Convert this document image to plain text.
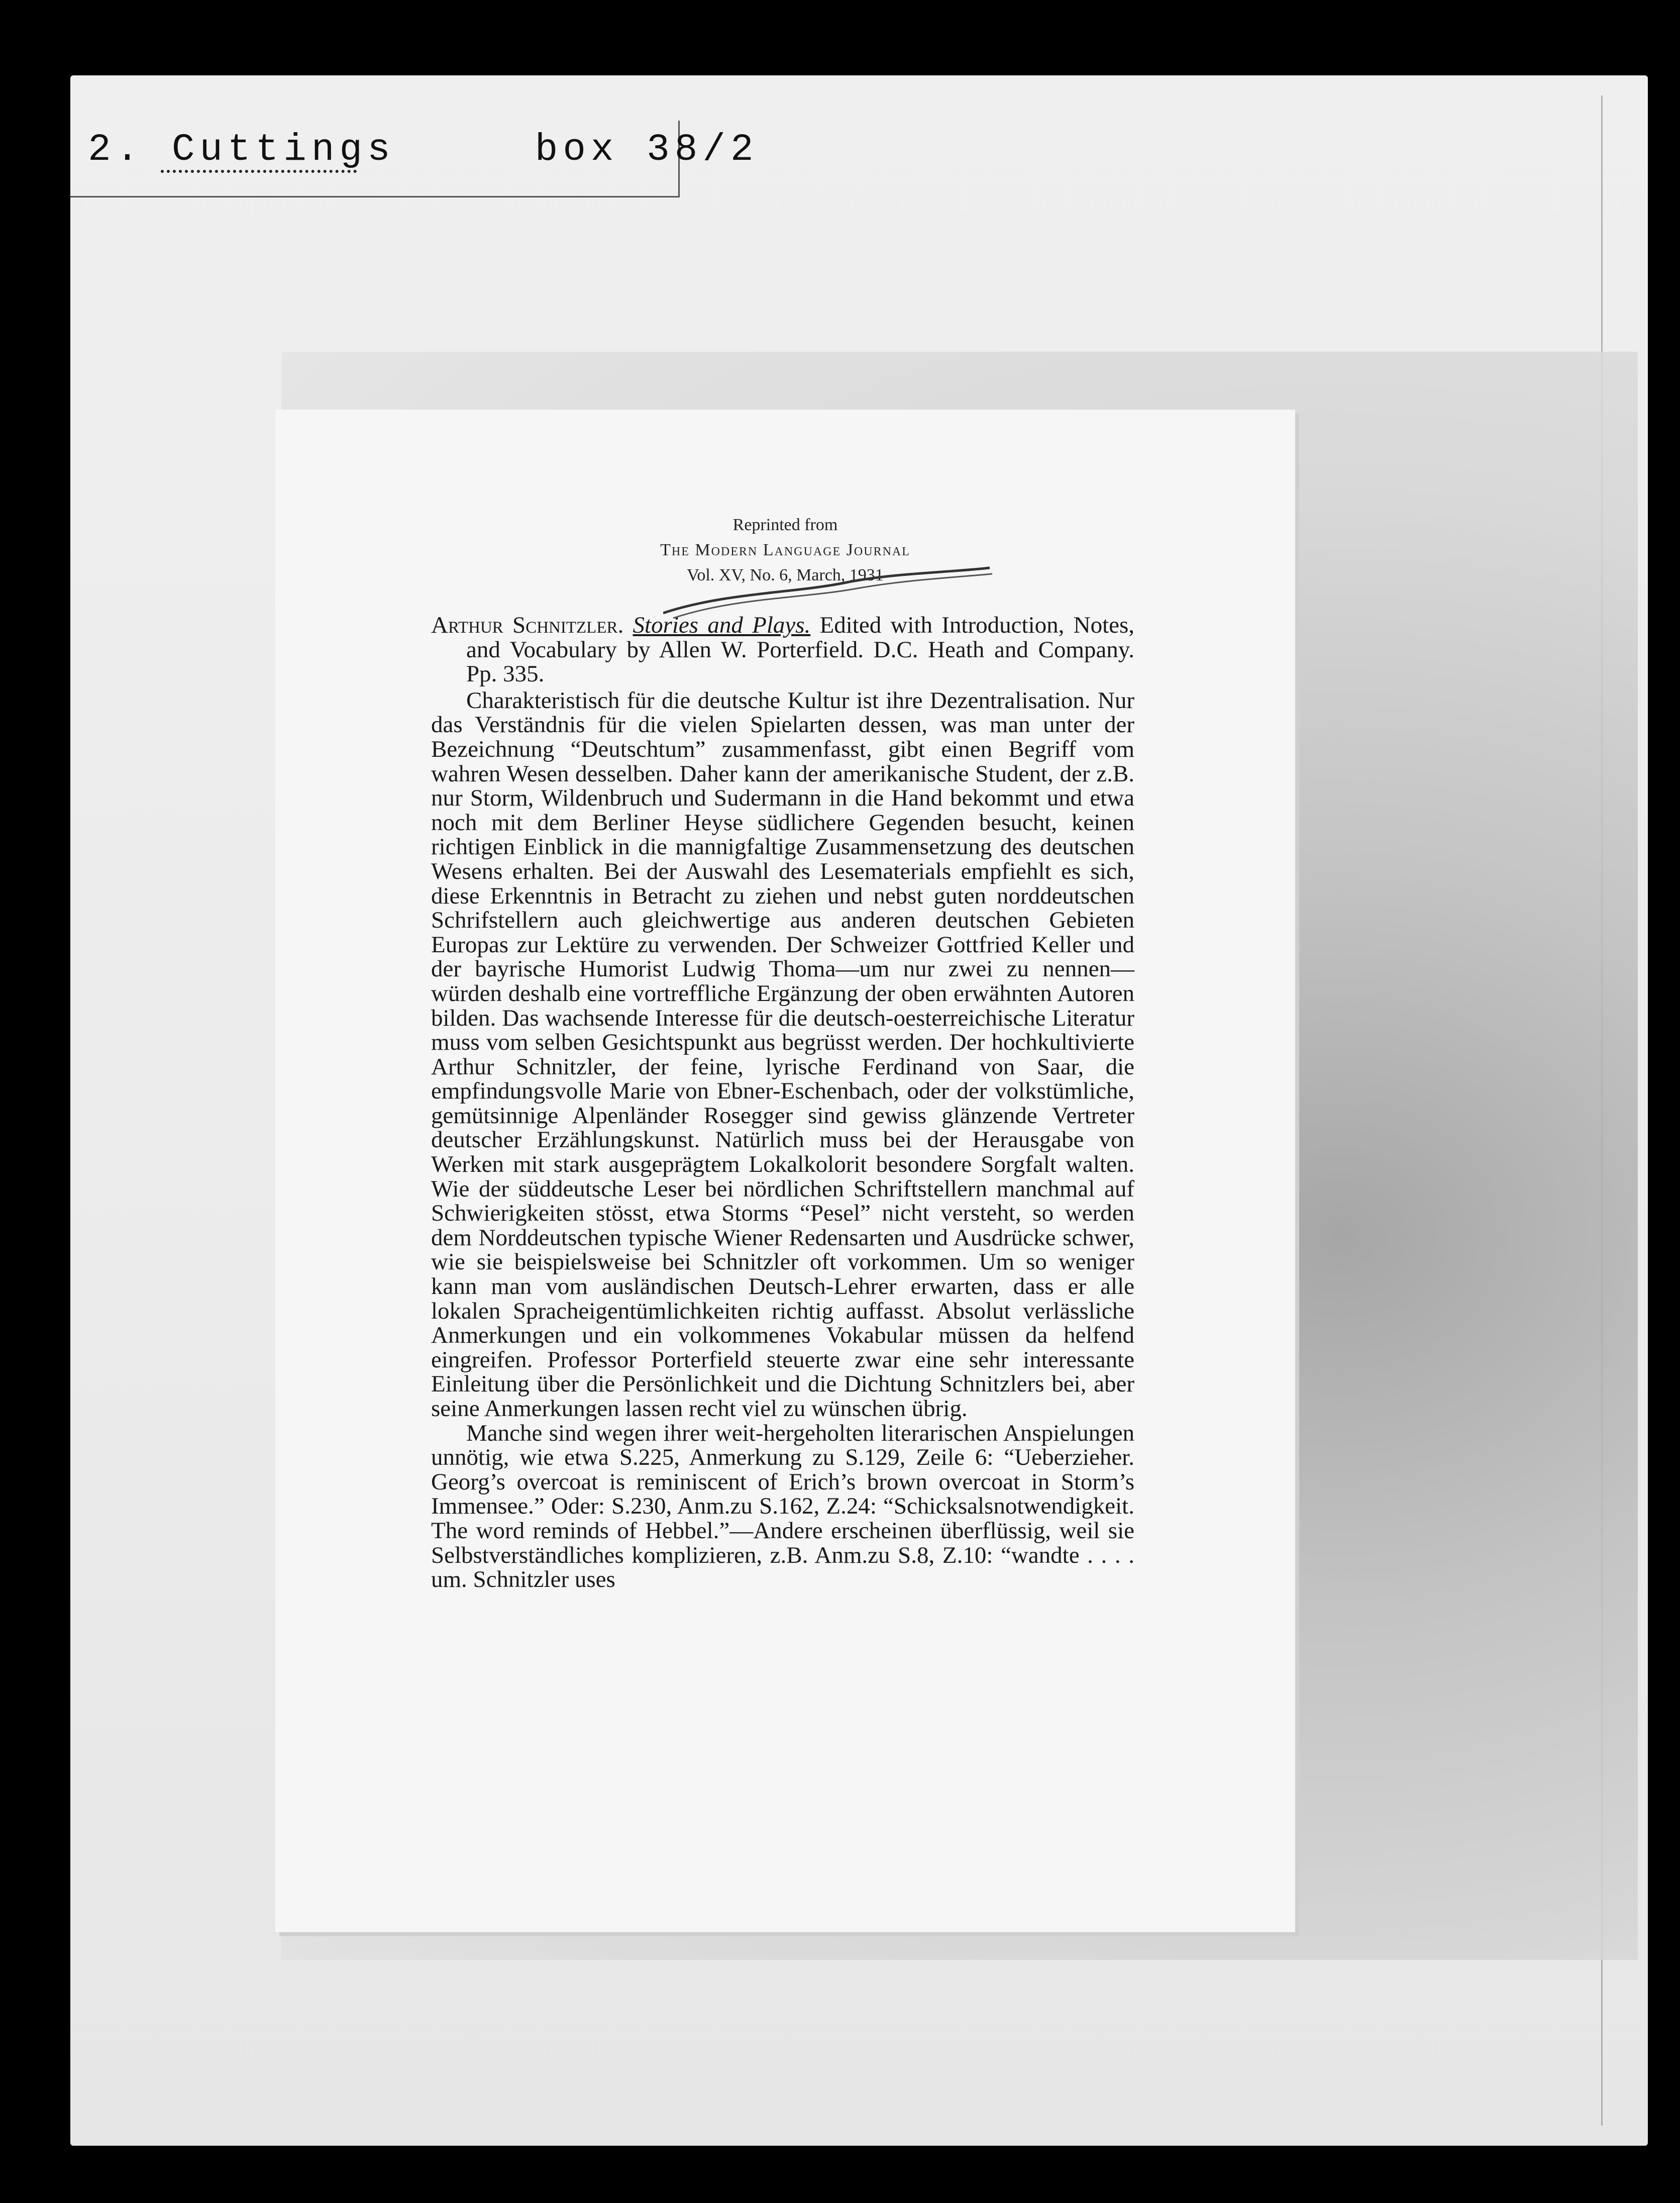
2. Cuttings     box 38/2
Reprinted from
The Modern Language Journal
Vol. XV, No. 6, March, 1931

Arthur Schnitzler. Stories and Plays. Edited with Introduction, Notes, and Vocabulary by Allen W. Porterfield. D.C. Heath and Company. Pp. 335.

Charakteristisch für die deutsche Kultur ist ihre Dezentralisation. Nur das Verständnis für die vielen Spielarten dessen, was man unter der Bezeichnung “Deutschtum” zusammenfasst, gibt einen Begriff vom wahren Wesen desselben. Daher kann der amerikanische Student, der z.B. nur Storm, Wildenbruch und Sudermann in die Hand bekommt und etwa noch mit dem Berliner Heyse südlichere Gegenden besucht, keinen richtigen Einblick in die mannigfaltige Zusammensetzung des deutschen Wesens erhalten. Bei der Auswahl des Lesematerials empfiehlt es sich, diese Erkenntnis in Betracht zu ziehen und nebst guten norddeutschen Schrifstellern auch gleichwertige aus anderen deutschen Gebieten Europas zur Lektüre zu verwenden. Der Schweizer Gottfried Keller und der bayrische Humorist Ludwig Thoma—um nur zwei zu nennen—würden deshalb eine vortreffliche Ergänzung der oben erwähnten Autoren bilden. Das wachsende Interesse für die deutsch-oesterreichische Literatur muss vom selben Gesichtspunkt aus begrüsst werden. Der hochkultivierte Arthur Schnitzler, der feine, lyrische Ferdinand von Saar, die empfindungsvolle Marie von Ebner-Eschenbach, oder der volkstümliche, gemütsinnige Alpenländer Rosegger sind gewiss glänzende Vertreter deutscher Erzählungskunst. Natürlich muss bei der Herausgabe von Werken mit stark ausgeprägtem Lokalkolorit besondere Sorgfalt walten. Wie der süddeutsche Leser bei nördlichen Schriftstellern manchmal auf Schwierigkeiten stösst, etwa Storms “Pesel” nicht versteht, so werden dem Norddeutschen typische Wiener Redensarten und Ausdrücke schwer, wie sie beispielsweise bei Schnitzler oft vorkommen. Um so weniger kann man vom ausländischen Deutsch-Lehrer erwarten, dass er alle lokalen Spracheigentümlichkeiten richtig auffasst. Absolut verlässliche Anmerkungen und ein volkommenes Vokabular müssen da helfend eingreifen. Professor Porterfield steuerte zwar eine sehr interessante Einleitung über die Persönlichkeit und die Dichtung Schnitzlers bei, aber seine Anmerkungen lassen recht viel zu wünschen übrig.

Manche sind wegen ihrer weit-hergeholten literarischen Anspielungen unnötig, wie etwa S.225, Anmerkung zu S.129, Zeile 6: “Ueberzieher. Georg’s overcoat is reminiscent of Erich’s brown overcoat in Storm’s Immensee.” Oder: S.230, Anm.zu S.162, Z.24: “Schicksalsnotwendigkeit. The word reminds of Hebbel.”—Andere erscheinen überflüssig, weil sie Selbstverständliches komplizieren, z.B. Anm.zu S.8, Z.10: “wandte . . . . um. Schnitzler uses
